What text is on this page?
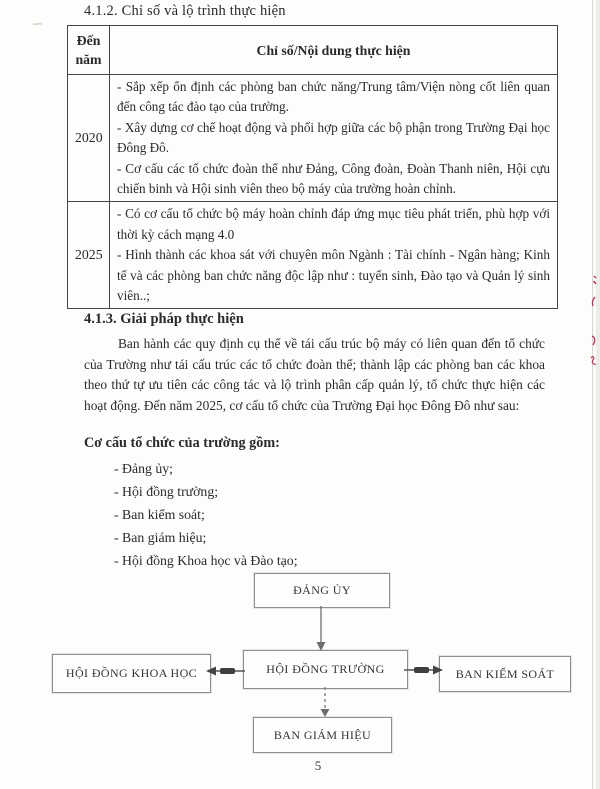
4.1.2. Chỉ số và lộ trình thực hiện
Đến năm	Chỉ số/Nội dung thực hiện
2020	- Sắp xếp ổn định các phòng ban chức năng/Trung tâm/Viện nòng cốt liên quan đến công tác đào tạo của trường.

- Xây dựng cơ chế hoạt động và phối hợp giữa các bộ phận trong Trường Đại học Đông Đô.

- Cơ cấu các tổ chức đoàn thể như Đảng, Công đoàn, Đoàn Thanh niên, Hội cựu chiến binh và Hội sinh viên theo bộ máy của trường hoàn chỉnh.

2025	- Có cơ cấu tổ chức bộ máy hoàn chỉnh đáp ứng mục tiêu phát triển, phù hợp với thời kỳ cách mạng 4.0

- Hình thành các khoa sát với chuyên môn Ngành : Tài chính - Ngân hàng; Kinh tế và các phòng ban chức năng độc lập như : tuyển sinh, Đào tạo và Quản lý sinh viên..;

4.1.3. Giải pháp thực hiện

Ban hành các quy định cụ thể về tái cấu trúc bộ máy có liên quan đến tổ chức của Trường như tái cấu trúc các tổ chức đoàn thể; thành lập các phòng ban các khoa theo thứ tự ưu tiên các công tác và lộ trình phân cấp quản lý, tổ chức thực hiện các hoạt động. Đến năm 2025, cơ cấu tổ chức của Trường Đại học Đông Đô như sau:

Cơ cấu tổ chức của trường gồm:

- Đảng ủy;
- Hội đồng trường;
- Ban kiểm soát;
- Ban giám hiệu;
- Hội đồng Khoa học và Đào tạo;
ĐẢNG ỦY
HỘI ĐỒNG KHOA HỌC	HỘI ĐỒNG TRƯỜNG	BAN KIỂM SOÁT
BAN GIÁM HIỆU
5
